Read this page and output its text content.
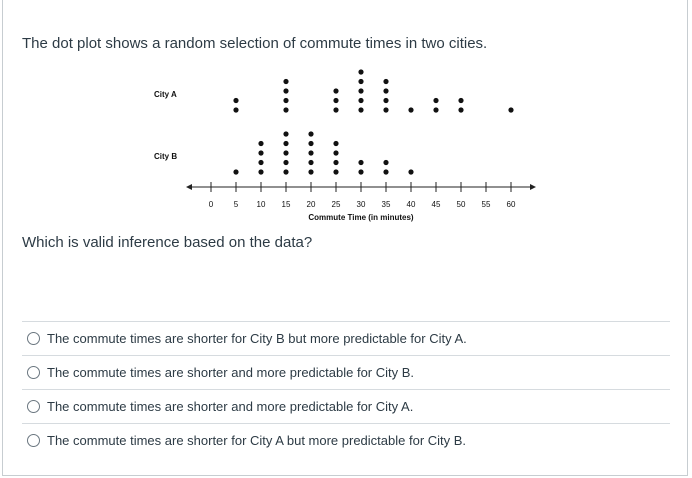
The dot plot shows a random selection of commute times in two cities.
0	5 10 15 20 25 30 35 40 45 50 55 60
Commute Time (in minutes)
City A
City B
Which is valid inference based on the data?
The commute times are shorter for City B but more predictable for City A.
The commute times are shorter and more predictable for City B.
The commute times are shorter and more predictable for City A.
The commute times are shorter for City A but more predictable for City B.
